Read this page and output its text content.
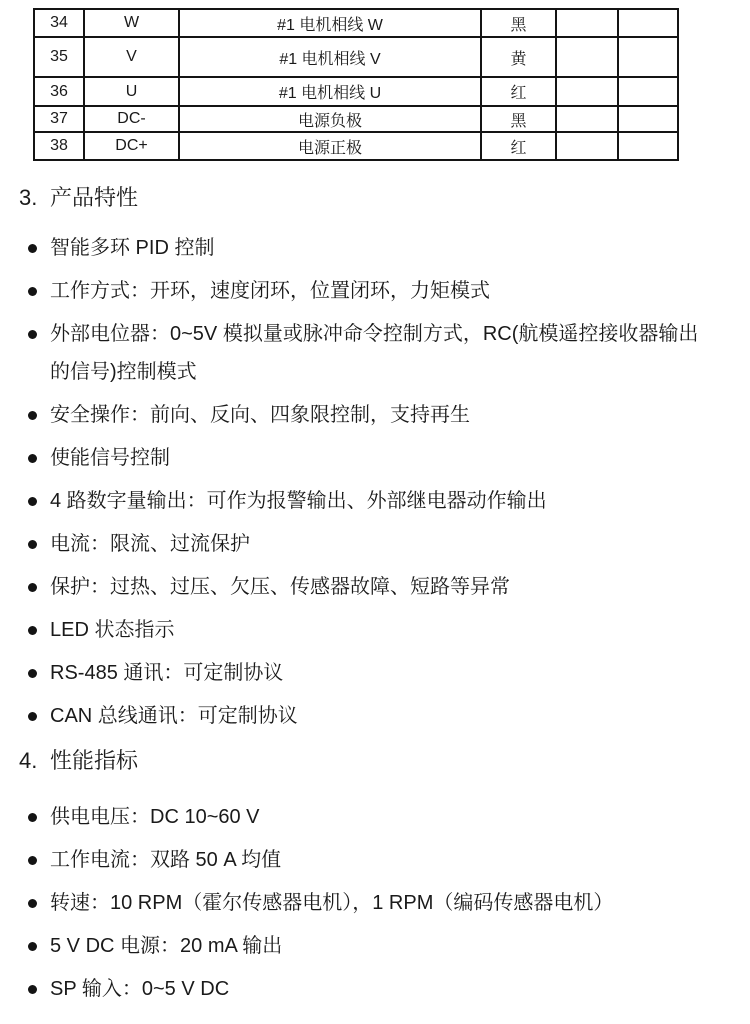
34	W	#1 电机相线 W	黑		
35	V	#1 电机相线 V	黄		
36	U	#1 电机相线 U	红		
37	DC-	电源负极	黑		
38	DC+	电源正极	红		
3. 产品特性
智能多环 PID 控制
工作方式：开环，速度闭环，位置闭环，力矩模式
外部电位器：0~5V 模拟量或脉冲命令控制方式，RC(航模遥控接收器输出的信号)控制模式
安全操作：前向、反向、四象限控制，支持再生
使能信号控制
4 路数字量输出：可作为报警输出、外部继电器动作输出
电流：限流、过流保护
保护：过热、过压、欠压、传感器故障、短路等异常
LED 状态指示
RS-485 通讯：可定制协议
CAN 总线通讯：可定制协议
4. 性能指标
供电电压：DC 10~60 V
工作电流：双路 50 A 均值
转速：10 RPM（霍尔传感器电机），1 RPM（编码传感器电机）
5 V DC 电源：20 mA 输出
SP 输入：0~5 V DC
